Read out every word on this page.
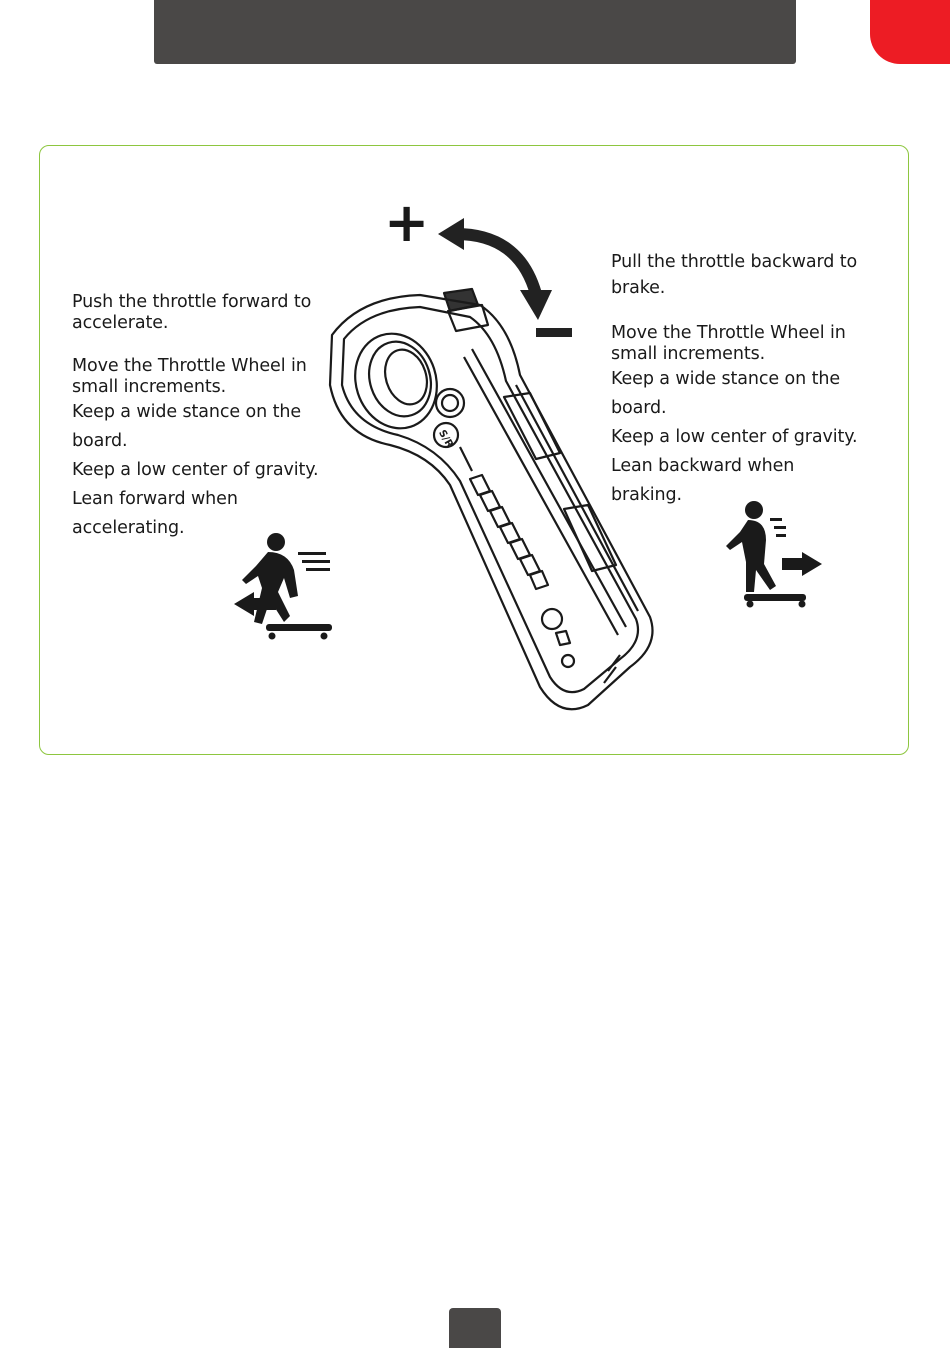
Push the throttle forward to accelerate.

Move the Throttle Wheel in small increments.

Keep a wide stance on the board.

Keep a low center of gravity.

Lean forward when accelerating.

Pull the throttle backward to brake.

Move the Throttle Wheel in small increments.

Keep a wide stance on the board.

Keep a low center of gravity.

Lean backward when braking.

+
S/R
